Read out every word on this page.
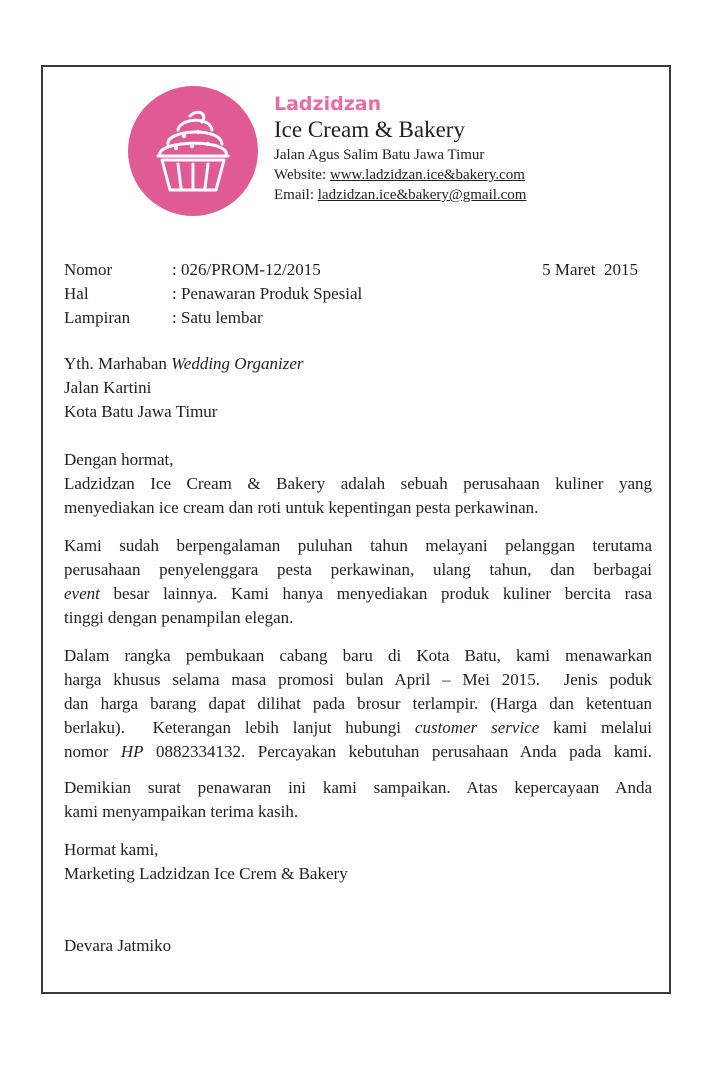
Ladzidzan
Ice Cream & Bakery
Jalan Agus Salim Batu Jawa Timur
Website: www.ladzidzan.ice&bakery.com
Email: ladzidzan.ice&bakery@gmail.com
Nomor	: 026/PROM-12/2015
Hal	: Penawaran Produk Spesial
Lampiran : Satu lembar
5 Maret  2015
Yth. Marhaban Wedding Organizer
Jalan Kartini
Kota Batu Jawa Timur
Dengan hormat,
Ladzidzan Ice Cream & Bakery adalah sebuah perusahaan kuliner yang
menyediakan ice cream dan roti untuk kepentingan pesta perkawinan.
Kami sudah berpengalaman puluhan tahun melayani pelanggan terutama
perusahaan penyelenggara pesta perkawinan, ulang tahun, dan berbagai
event besar lainnya. Kami hanya menyediakan produk kuliner bercita rasa
tinggi dengan penampilan elegan.
Dalam rangka pembukaan cabang baru di Kota Batu, kami menawarkan
harga khusus selama masa promosi bulan April – Mei 2015.  Jenis poduk
dan harga barang dapat dilihat pada brosur terlampir. (Harga dan ketentuan
berlaku).  Keterangan lebih lanjut hubungi customer service kami melalui
nomor HP 0882334132. Percayakan kebutuhan perusahaan Anda pada kami.
Demikian surat penawaran ini kami sampaikan. Atas kepercayaan Anda
kami menyampaikan terima kasih.
Hormat kami,
Marketing Ladzidzan Ice Crem & Bakery
Devara Jatmiko
